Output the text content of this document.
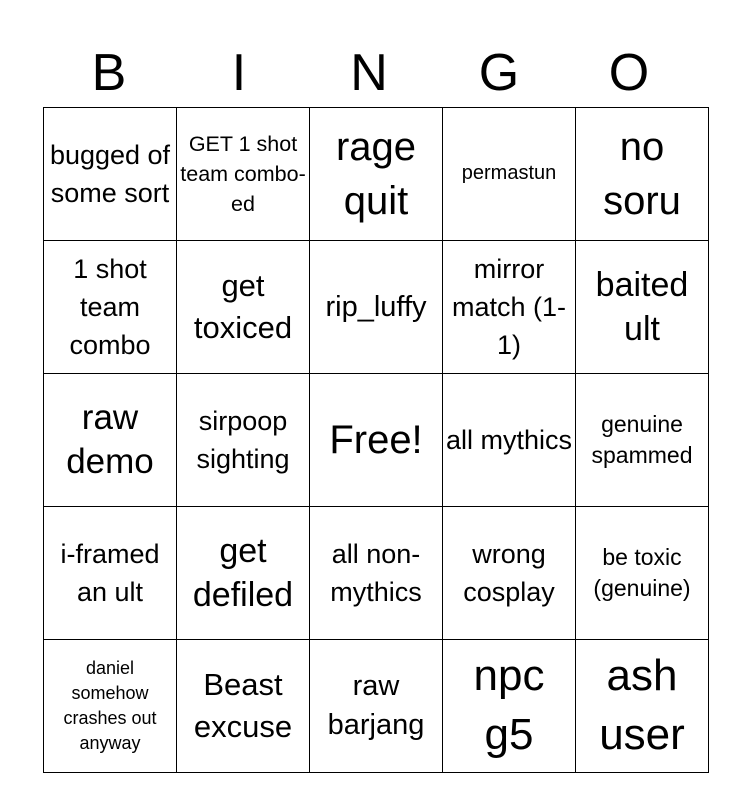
B	I	N	G	O
bugged of some sort	GET 1 shot team combo-ed	rage quit	permastun	no soru

1 shot team combo	get toxiced	rip_luffy	mirror match (1-1)	baited ult

raw demo	sirpoop sighting	Free!	all mythics	genuine spammed

i-framed an ult	get defiled	all non-mythics	wrong cosplay	be toxic (genuine)

daniel somehow crashes out anyway	Beast excuse	raw barjang	npc g5	ash user
